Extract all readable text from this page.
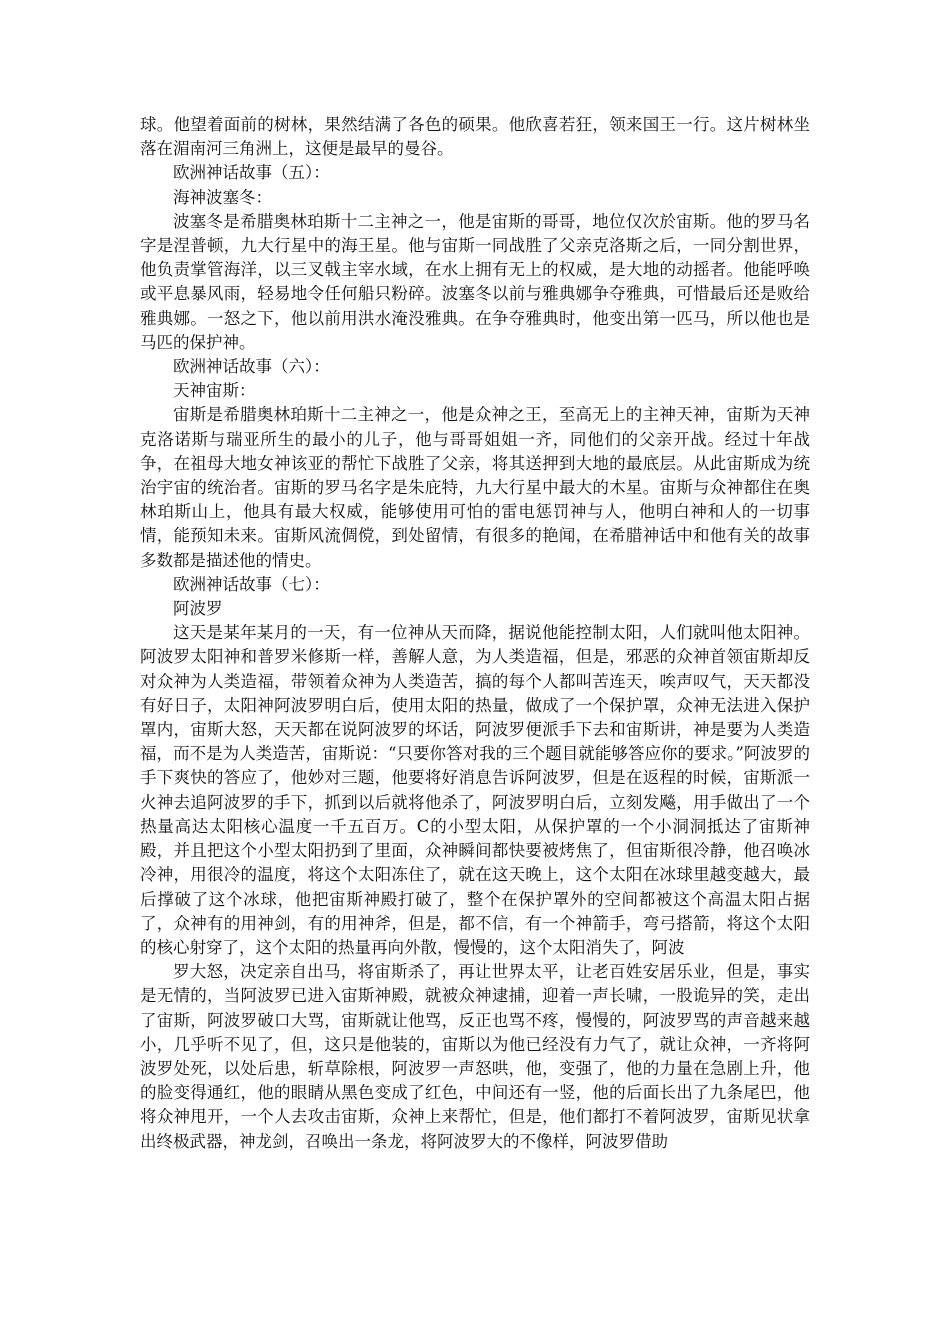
球。他望着面前的树林，果然结满了各色的硕果。他欣喜若狂，领来国王一行。这片树林坐落在湄南河三角洲上，这便是最早的曼谷。

欧洲神话故事（五）：

海神波塞冬：

波塞冬是希腊奥林珀斯十二主神之一，他是宙斯的哥哥，地位仅次於宙斯。他的罗马名字是涅普顿，九大行星中的海王星。他与宙斯一同战胜了父亲克洛斯之后，一同分割世界，他负责掌管海洋，以三叉戟主宰水域，在水上拥有无上的权威，是大地的动摇者。他能呼唤或平息暴风雨，轻易地令任何船只粉碎。波塞冬以前与雅典娜争夺雅典，可惜最后还是败给雅典娜。一怒之下，他以前用洪水淹没雅典。在争夺雅典时，他变出第一匹马，所以他也是马匹的保护神。

欧洲神话故事（六）：

天神宙斯：

宙斯是希腊奥林珀斯十二主神之一，他是众神之王，至高无上的主神天神，宙斯为天神克洛诺斯与瑞亚所生的最小的儿子，他与哥哥姐姐一齐，同他们的父亲开战。经过十年战争，在祖母大地女神该亚的帮忙下战胜了父亲，将其送押到大地的最底层。从此宙斯成为统治宇宙的统治者。宙斯的罗马名字是朱庇特，九大行星中最大的木星。宙斯与众神都住在奥林珀斯山上，他具有最大权威，能够使用可怕的雷电惩罚神与人，他明白神和人的一切事情，能预知未来。宙斯风流倜傥，到处留情，有很多的艳闻，在希腊神话中和他有关的故事多数都是描述他的情史。

欧洲神话故事（七）：

阿波罗

这天是某年某月的一天，有一位神从天而降，据说他能控制太阳，人们就叫他太阳神。阿波罗太阳神和普罗米修斯一样，善解人意，为人类造福，但是，邪恶的众神首领宙斯却反对众神为人类造福，带领着众神为人类造苦，搞的每个人都叫苦连天，唉声叹气，天天都没有好日子，太阳神阿波罗明白后，使用太阳的热量，做成了一个保护罩，众神无法进入保护罩内，宙斯大怒，天天都在说阿波罗的坏话，阿波罗便派手下去和宙斯讲，神是要为人类造福，而不是为人类造苦，宙斯说：“只要你答对我的三个题目就能够答应你的要求。”阿波罗的手下爽快的答应了，他妙对三题，他要将好消息告诉阿波罗，但是在返程的时候，宙斯派一火神去追阿波罗的手下，抓到以后就将他杀了，阿波罗明白后，立刻发飚，用手做出了一个热量高达太阳核心温度一千五百万。C的小型太阳，从保护罩的一个小洞洞抵达了宙斯神殿，并且把这个小型太阳扔到了里面，众神瞬间都快要被烤焦了，但宙斯很冷静，他召唤冰冷神，用很冷的温度，将这个太阳冻住了，就在这天晚上，这个太阳在冰球里越变越大，最后撑破了这个冰球，他把宙斯神殿打破了，整个在保护罩外的空间都被这个高温太阳占据了，众神有的用神剑，有的用神斧，但是，都不信，有一个神箭手，弯弓搭箭，将这个太阳的核心射穿了，这个太阳的热量再向外散，慢慢的，这个太阳消失了，阿波

罗大怒，决定亲自出马，将宙斯杀了，再让世界太平，让老百姓安居乐业，但是，事实是无情的，当阿波罗已进入宙斯神殿，就被众神逮捕，迎着一声长啸，一股诡异的笑，走出了宙斯，阿波罗破口大骂，宙斯就让他骂，反正也骂不疼，慢慢的，阿波罗骂的声音越来越小，几乎听不见了，但，这只是他装的，宙斯以为他已经没有力气了，就让众神，一齐将阿波罗处死，以处后患，斩草除根，阿波罗一声怒哄，他，变强了，他的力量在急剧上升，他的脸变得通红，他的眼睛从黑色变成了红色，中间还有一竖，他的后面长出了九条尾巴，他将众神甩开，一个人去攻击宙斯，众神上来帮忙，但是，他们都打不着阿波罗，宙斯见状拿出终极武器，神龙剑，召唤出一条龙，将阿波罗大的不像样，阿波罗借助
